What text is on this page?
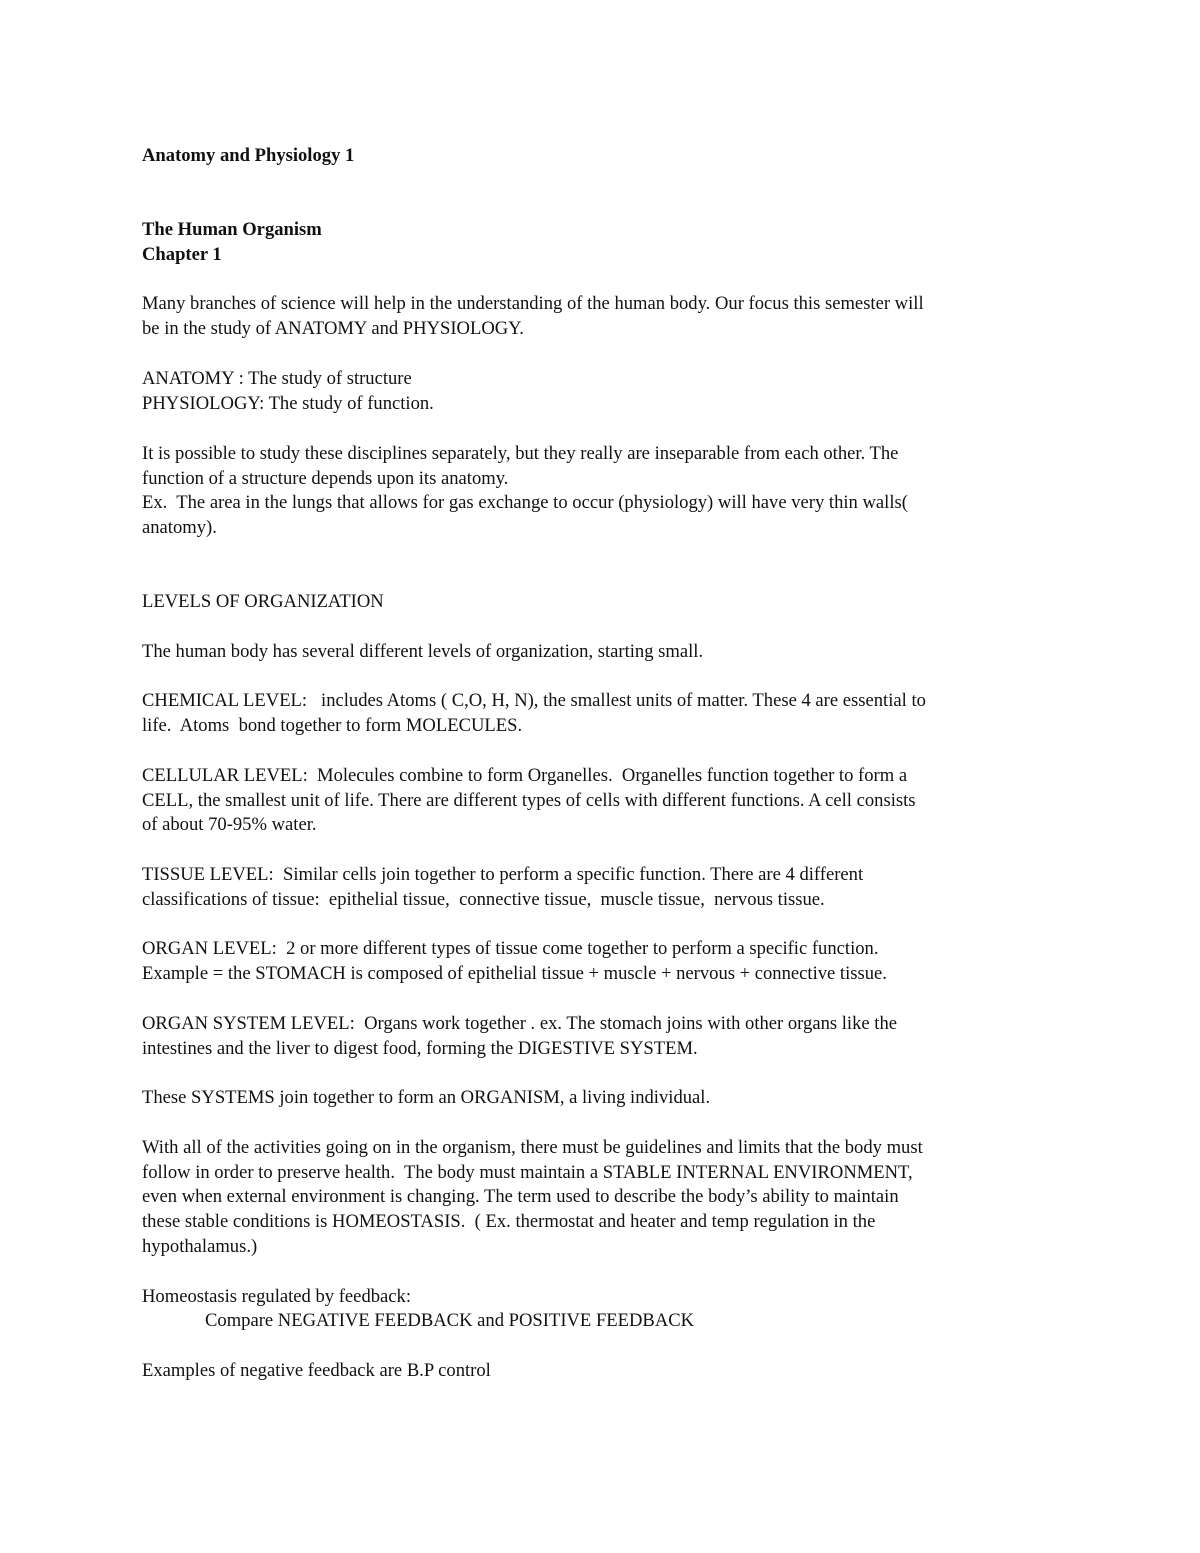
Anatomy and Physiology 1

The Human Organism

Chapter 1

Many branches of science will help in the understanding of the human body. Our focus this semester will

be in the study of ANATOMY and PHYSIOLOGY.

ANATOMY : The study of structure

PHYSIOLOGY: The study of function.

It is possible to study these disciplines separately, but they really are inseparable from each other. The

function of a structure depends upon its anatomy.

Ex.  The area in the lungs that allows for gas exchange to occur (physiology) will have very thin walls(

anatomy).

LEVELS OF ORGANIZATION

The human body has several different levels of organization, starting small.

CHEMICAL LEVEL:   includes Atoms ( C,O, H, N), the smallest units of matter. These 4 are essential to

life.  Atoms  bond together to form MOLECULES.

CELLULAR LEVEL:  Molecules combine to form Organelles.  Organelles function together to form a

CELL, the smallest unit of life. There are different types of cells with different functions. A cell consists

of about 70-95% water.

TISSUE LEVEL:  Similar cells join together to perform a specific function. There are 4 different

classifications of tissue:  epithelial tissue,  connective tissue,  muscle tissue,  nervous tissue.

ORGAN LEVEL:  2 or more different types of tissue come together to perform a specific function.

Example = the STOMACH is composed of epithelial tissue + muscle + nervous + connective tissue.

ORGAN SYSTEM LEVEL:  Organs work together . ex. The stomach joins with other organs like the

intestines and the liver to digest food, forming the DIGESTIVE SYSTEM.

These SYSTEMS join together to form an ORGANISM, a living individual.

With all of the activities going on in the organism, there must be guidelines and limits that the body must

follow in order to preserve health.  The body must maintain a STABLE INTERNAL ENVIRONMENT,

even when external environment is changing. The term used to describe the body’s ability to maintain

these stable conditions is HOMEOSTASIS.  ( Ex. thermostat and heater and temp regulation in the

hypothalamus.)

Homeostasis regulated by feedback:

Compare NEGATIVE FEEDBACK and POSITIVE FEEDBACK

Examples of negative feedback are B.P control
